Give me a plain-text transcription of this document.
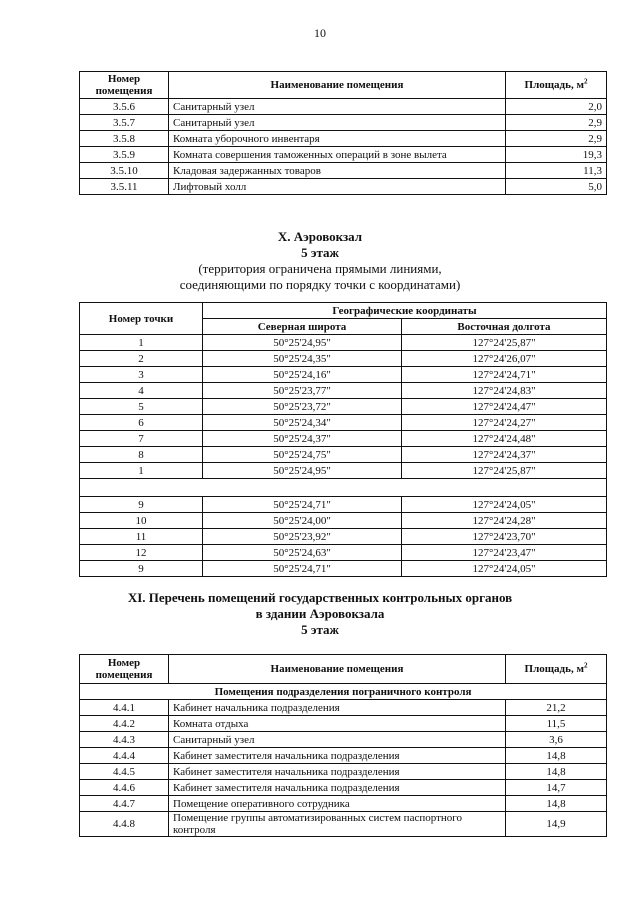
10
Номер помещения	Наименование помещения	Площадь, $м^2$
3.5.6	Санитарный узел	2,0
3.5.7	Санитарный узел	2,9
3.5.8	Комната уборочного инвентаря	2,9
3.5.9	Комната совершения таможенных операций в зоне вылета	19,3
3.5.10	Кладовая задержанных товаров	11,3
3.5.11	Лифтовый холл	5,0
X. Аэровокзал
5 этаж
(территория ограничена прямыми линиями,
соединяющими по порядку точки с координатами)
Номер точки	Географические координаты	
	Северная широта	Восточная долгота
1	50°25'24,95"	127°24'25,87"
2	50°25'24,35"	127°24'26,07"
3	50°25'24,16"	127°24'24,71"
4	50°25'23,77"	127°24'24,83"
5	50°25'23,72"	127°24'24,47"
6	50°25'24,34"	127°24'24,27"
7	50°25'24,37"	127°24'24,48"
8	50°25'24,75"	127°24'24,37"
1	50°25'24,95"	127°24'25,87"

9	50°25'24,71"	127°24'24,05"
10	50°25'24,00"	127°24'24,28"
11	50°25'23,92"	127°24'23,70"
12	50°25'24,63"	127°24'23,47"
9	50°25'24,71"	127°24'24,05"
XI. Перечень помещений государственных контрольных органов
в здании Аэровокзала
5 этаж
Номер помещения	Наименование помещения	Площадь, $м^2$
Помещения подразделения пограничного контроля		
4.4.1	Кабинет начальника подразделения	21,2
4.4.2	Комната отдыха	11,5
4.4.3	Санитарный узел	3,6
4.4.4	Кабинет заместителя начальника подразделения	14,8
4.4.5	Кабинет заместителя начальника подразделения	14,8
4.4.6	Кабинет заместителя начальника подразделения	14,7
4.4.7	Помещение оперативного сотрудника	14,8
4.4.8	Помещение группы автоматизированных систем паспортного контроля	14,9
